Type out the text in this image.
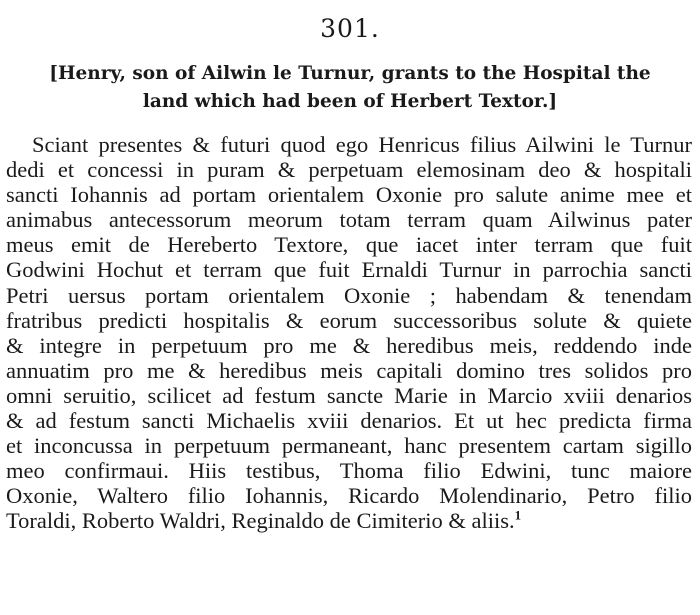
301.
[Henry, son of Ailwin le Turnur, grants to the Hospital the
land which had been of Herbert Textor.]
Sciant presentes & futuri quod ego Henricus filius Ailwini le Turnur
dedi et concessi in puram & perpetuam elemosinam deo & hospitali
sancti Iohannis ad portam orientalem Oxonie pro salute anime mee et
animabus antecessorum meorum totam terram quam Ailwinus pater
meus emit de Hereberto Textore, que iacet inter terram que fuit
Godwini Hochut et terram que fuit Ernaldi Turnur in parrochia sancti
Petri uersus portam orientalem Oxonie ; habendam & tenendam
fratribus predicti hospitalis & eorum successoribus solute & quiete
& integre in perpetuum pro me & heredibus meis, reddendo inde
annuatim pro me & heredibus meis capitali domino tres solidos pro
omni seruitio, scilicet ad festum sancte Marie in Marcio xviii denarios
& ad festum sancti Michaelis xviii denarios. Et ut hec predicta firma
et inconcussa in perpetuum permaneant, hanc presentem cartam sigillo
meo confirmaui. Hiis testibus, Thoma filio Edwini, tunc maiore
Oxonie, Waltero filio Iohannis, Ricardo Molendinario, Petro filio
Toraldi, Roberto Waldri, Reginaldo de Cimiterio & aliis.$^1$
